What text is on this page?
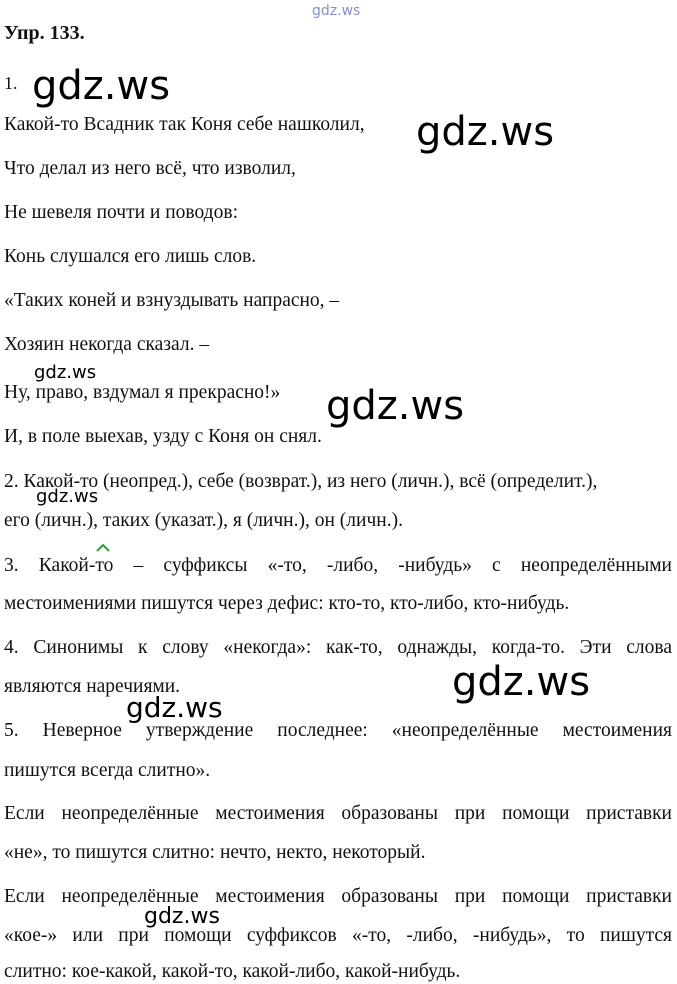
gdz.ws
Упр. 133.
1.
Какой-то Всадник так Коня себе нашколил,
Что делал из него всё, что изволил,
Не шевеля почти и поводов:
Конь слушался его лишь слов.
«Таких коней и взнуздывать напрасно, –
Хозяин некогда сказал. –
Ну, право, вздумал я прекрасно!»
И, в поле выехав, узду с Коня он снял.
2. Какой-то (неопред.), себе (возврат.), из него (личн.), всё (определит.),
его (личн.), таких (указат.), я (личн.), он (личн.).
3. Какой-то – суффиксы «-то, -либо, -нибудь» с неопределёнными
местоимениями пишутся через дефис: кто-то, кто-либо, кто-нибудь.
4. Синонимы к слову «некогда»: как-то, однажды, когда-то. Эти слова
являются наречиями.
5. Неверное утверждение последнее: «неопределённые местоимения
пишутся всегда слитно».
Если неопределённые местоимения образованы при помощи приставки
«не», то пишутся слитно: нечто, некто, некоторый.
Если неопределённые местоимения образованы при помощи приставки
«кое-» или при помощи суффиксов «-то, -либо, -нибудь», то пишутся
слитно: кое-какой, какой-то, какой-либо, какой-нибудь.
gdz.ws
gdz.ws
gdz.ws
gdz.ws
gdz.ws
gdz.ws
gdz.ws
gdz.ws
